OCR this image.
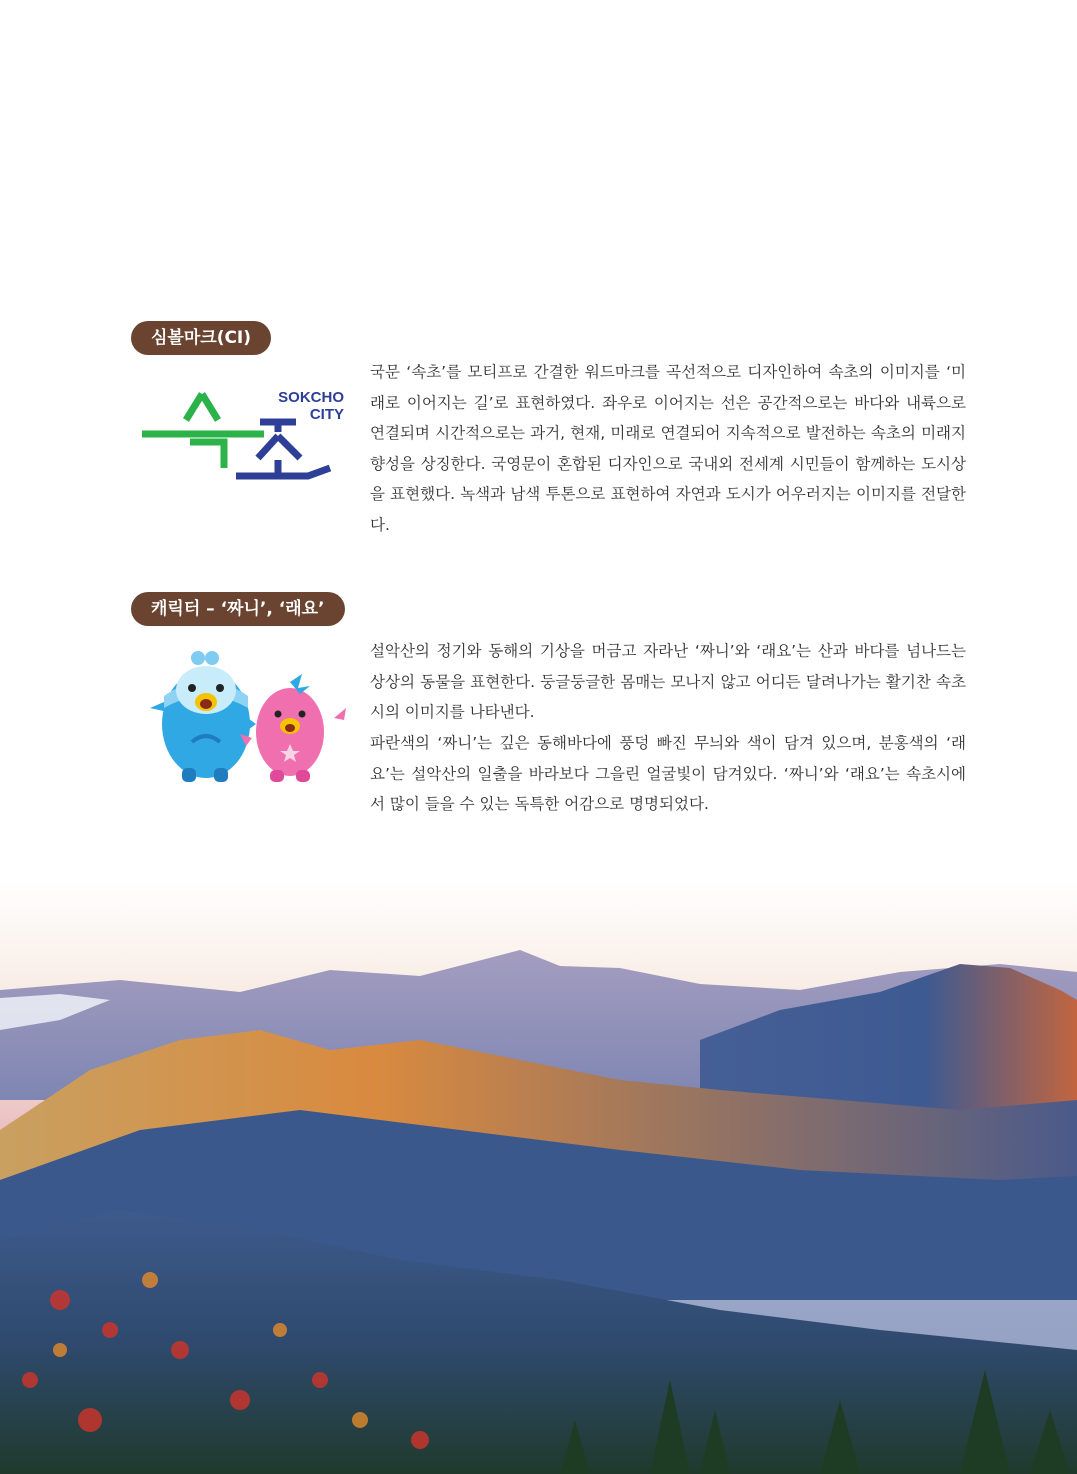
심볼마크(CI)
SOKCHO
CITY

국문 ‘속초’를 모티프로 간결한 워드마크를 곡선적으로 디자인하여 속초의 이미지를 ‘미래로 이어지는 길’로 표현하였다. 좌우로 이어지는 선은 공간적으로는 바다와 내륙으로 연결되며 시간적으로는 과거, 현재, 미래로 연결되어 지속적으로 발전하는 속초의 미래지향성을 상징한다. 국영문이 혼합된 디자인으로 국내외 전세계 시민들이 함께하는 도시상을 표현했다. 녹색과 남색 투톤으로 표현하여 자연과 도시가 어우러지는 이미지를 전달한다.

캐릭터 – ‘짜니’, ‘래요’

설악산의 정기와 동해의 기상을 머금고 자라난 ‘짜니’와 ‘래요’는 산과 바다를 넘나드는 상상의 동물을 표현한다. 둥글둥글한 몸매는 모나지 않고 어디든 달려나가는 활기찬 속초시의 이미지를 나타낸다.

파란색의 ‘짜니’는 깊은 동해바다에 풍덩 빠진 무늬와 색이 담겨 있으며, 분홍색의 ‘래요’는 설악산의 일출을 바라보다 그을린 얼굴빛이 담겨있다. ‘짜니’와 ‘래요’는 속초시에서 많이 들을 수 있는 독특한 어감으로 명명되었다.
